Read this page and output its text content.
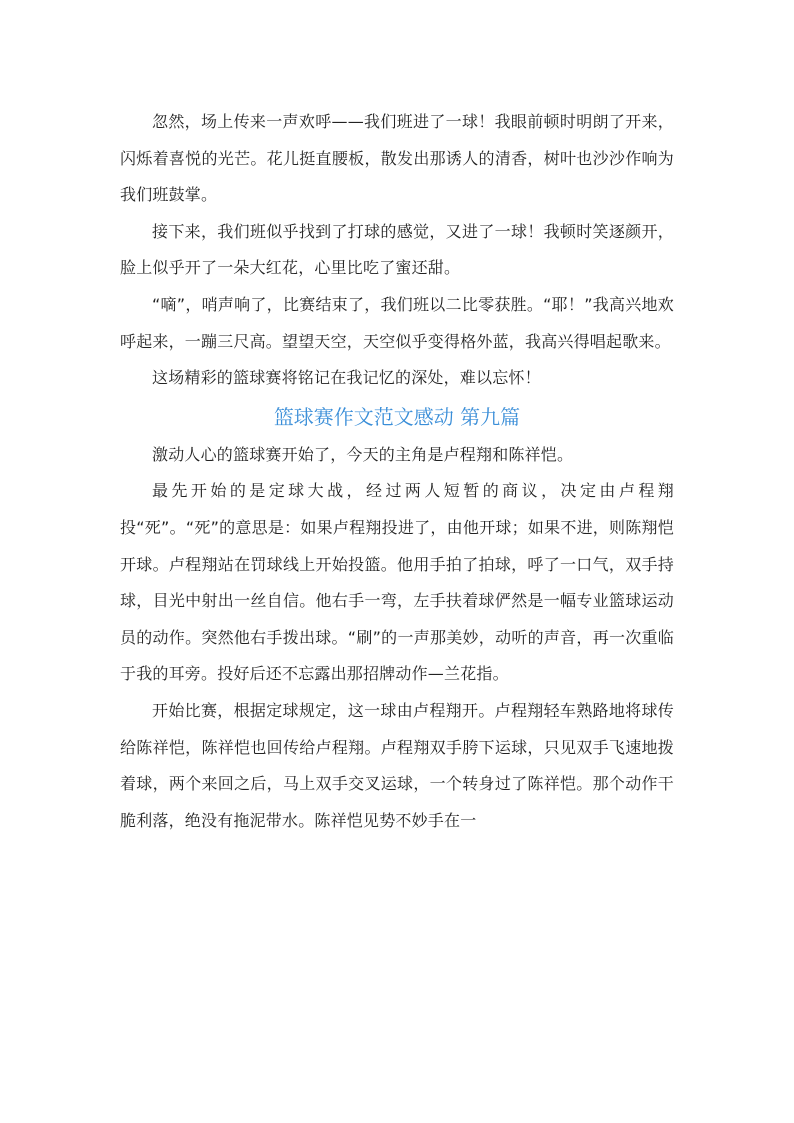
忽然，场上传来一声欢呼——我们班进了一球！我眼前顿时明朗了开来，闪烁着喜悦的光芒。花儿挺直腰板，散发出那诱人的清香，树叶也沙沙作响为我们班鼓掌。

接下来，我们班似乎找到了打球的感觉，又进了一球！我顿时笑逐颜开，脸上似乎开了一朵大红花，心里比吃了蜜还甜。

“嘀”，哨声响了，比赛结束了，我们班以二比零获胜。“耶！”我高兴地欢呼起来，一蹦三尺高。望望天空，天空似乎变得格外蓝，我高兴得唱起歌来。

这场精彩的篮球赛将铭记在我记忆的深处，难以忘怀！

篮球赛作文范文感动 第九篇

激动人心的篮球赛开始了，今天的主角是卢程翔和陈祥恺。

最先开始的是定球大战，经过两人短暂的商议，决定由卢程翔投“死”。“死”的意思是：如果卢程翔投进了，由他开球；如果不进，则陈翔恺开球。卢程翔站在罚球线上开始投篮。他用手拍了拍球，呼了一口气，双手持球，目光中射出一丝自信。他右手一弯，左手扶着球俨然是一幅专业篮球运动员的动作。突然他右手拨出球。“刷”的一声那美妙，动听的声音，再一次重临于我的耳旁。投好后还不忘露出那招牌动作—兰花指。

开始比赛，根据定球规定，这一球由卢程翔开。卢程翔轻车熟路地将球传给陈祥恺，陈祥恺也回传给卢程翔。卢程翔双手胯下运球，只见双手飞速地拨着球，两个来回之后，马上双手交叉运球，一个转身过了陈祥恺。那个动作干脆利落，绝没有拖泥带水。陈祥恺见势不妙手在一
